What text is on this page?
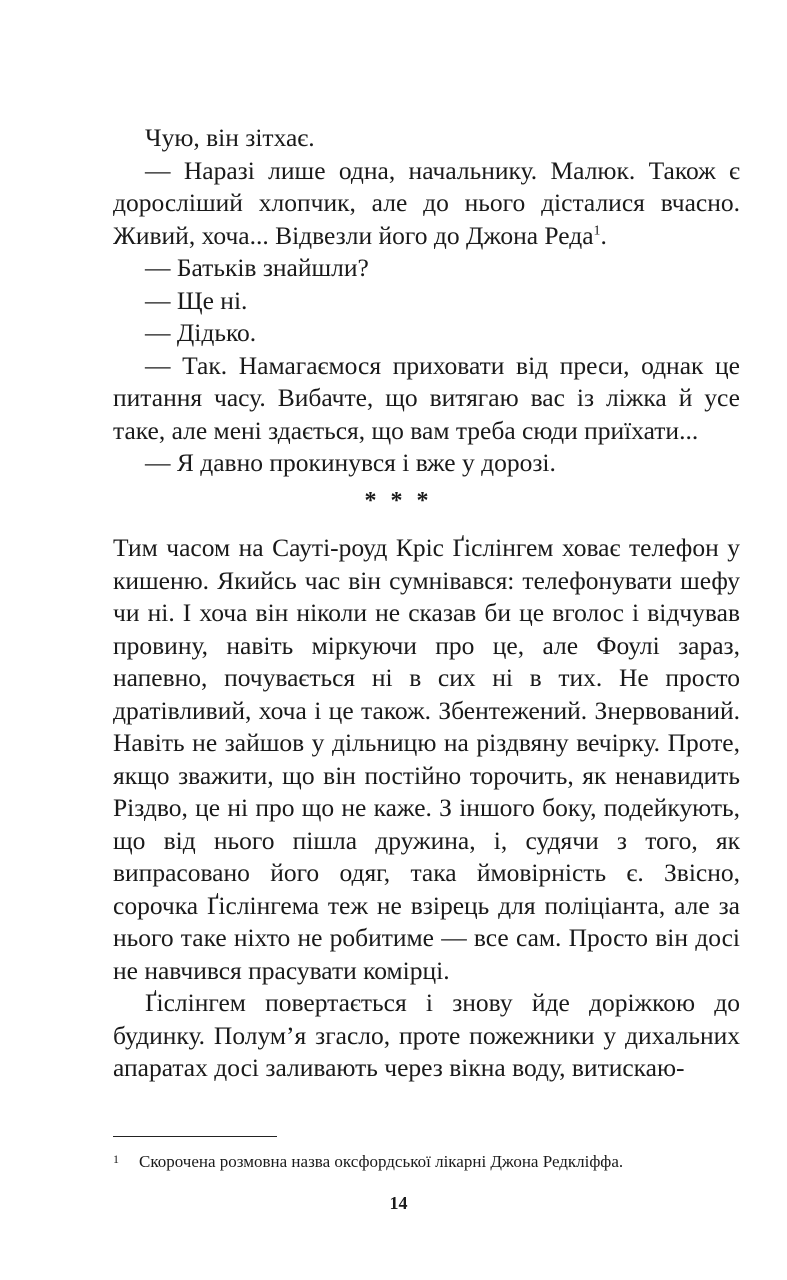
Чую, він зітхає.

— Наразі лише одна, начальнику. Малюк. Також є дорослiший хлопчик, але до нього дісталися вчасно. Живий, хоча... Відвезли його до Джона Реда$^1$.

— Батьків знайшли?

— Ще ні.

— Дідько.

— Так. Намагаємося приховати від преси, однак це питання часу. Вибачте, що витягаю вас із ліжка й усе таке, але мені здається, що вам треба сюди приїхати...

— Я давно прокинувся і вже у дорозі.

* * *

Тим часом на Сауті-роуд Кріс Ґіслінгем ховає телефон у кишеню. Якийсь час він сумнівався: телефонувати шефу чи ні. І хоча він ніколи не сказав би це вголос і відчував провину, навіть міркуючи про це, але Фоулі зараз, напевно, почувається ні в сих ні в тих. Не просто дратівливий, хоча і це також. Збентежений. Знервований. Навіть не зайшов у дільницю на різдвяну вечірку. Проте, якщо зважити, що він постійно торочить, як ненавидить Різдво, це ні про що не каже. З іншого боку, подейкують, що від нього пішла дружина, і, судячи з того, як випрасовано його одяг, така ймовірність є. Звісно, сорочка Ґіслінгема теж не взірець для поліціанта, але за нього таке ніхто не робитиме — все сам. Просто він досі не навчився прасувати комірці.

Ґіслінгем повертається і знову йде доріжкою до будинку. Полум’я згасло, проте пожежники у дихальних апаратах досі заливають через вікна воду, витискаю-

1 Скорочена розмовна назва оксфордської лікарні Джона Редкліффа.
14
